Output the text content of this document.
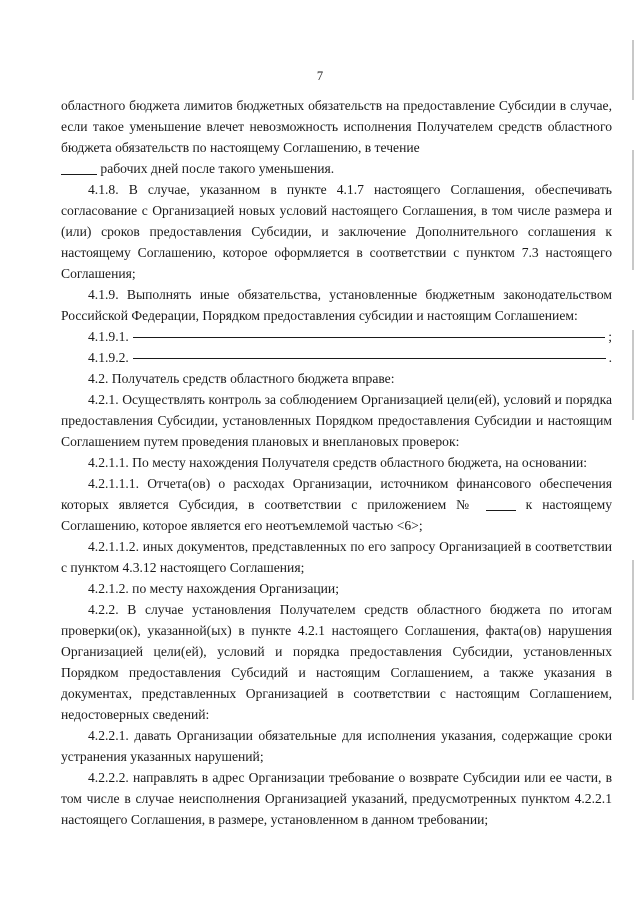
7

областного бюджета лимитов бюджетных обязательств на предоставление Субсидии в случае, если такое уменьшение влечет невозможность исполнения Получателем средств областного бюджета обязательств по настоящему Соглашению, в течение

рабочих дней после такого уменьшения.

4.1.8. В случае, указанном в пункте 4.1.7 настоящего Соглашения, обеспечивать согласование с Организацией новых условий настоящего Соглашения, в том числе размера и (или) сроков предоставления Субсидии, и заключение Дополнительного соглашения к настоящему Соглашению, которое оформляется в соответствии с пунктом 7.3 настоящего Соглашения;

4.1.9. Выполнять иные обязательства, установленные бюджетным законодательством Российской Федерации, Порядком предоставления субсидии и настоящим Соглашением:

4.1.9.1.	;
4.1.9.2.	.

4.2. Получатель средств областного бюджета вправе:

4.2.1. Осуществлять контроль за соблюдением Организацией цели(ей), условий и порядка предоставления Субсидии, установленных Порядком предоставления Субсидии и настоящим Соглашением путем проведения плановых и внеплановых проверок:

4.2.1.1. По месту нахождения Получателя средств областного бюджета, на основании:

4.2.1.1.1. Отчета(ов) о расходах Организации, источником финансового обеспечения которых является Субсидия, в соответствии с приложением №	к настоящему Соглашению, которое является его неотъемлемой частью <6>;

4.2.1.1.2. иных документов, представленных по его запросу Организацией в соответствии с пунктом 4.3.12 настоящего Соглашения;

4.2.1.2. по месту нахождения Организации;

4.2.2. В случае установления Получателем средств областного бюджета по итогам проверки(ок), указанной(ых) в пункте 4.2.1 настоящего Соглашения, факта(ов) нарушения Организацией цели(ей), условий и порядка предоставления Субсидии, установленных Порядком предоставления Субсидий и настоящим Соглашением, а также указания в документах, представленных Организацией в соответствии с настоящим Соглашением, недостоверных сведений:

4.2.2.1. давать Организации обязательные для исполнения указания, содержащие сроки устранения указанных нарушений;

4.2.2.2. направлять в адрес Организации требование о возврате Субсидии или ее части, в том числе в случае неисполнения Организацией указаний, предусмотренных пунктом 4.2.2.1 настоящего Соглашения, в размере, установленном в данном требовании;
